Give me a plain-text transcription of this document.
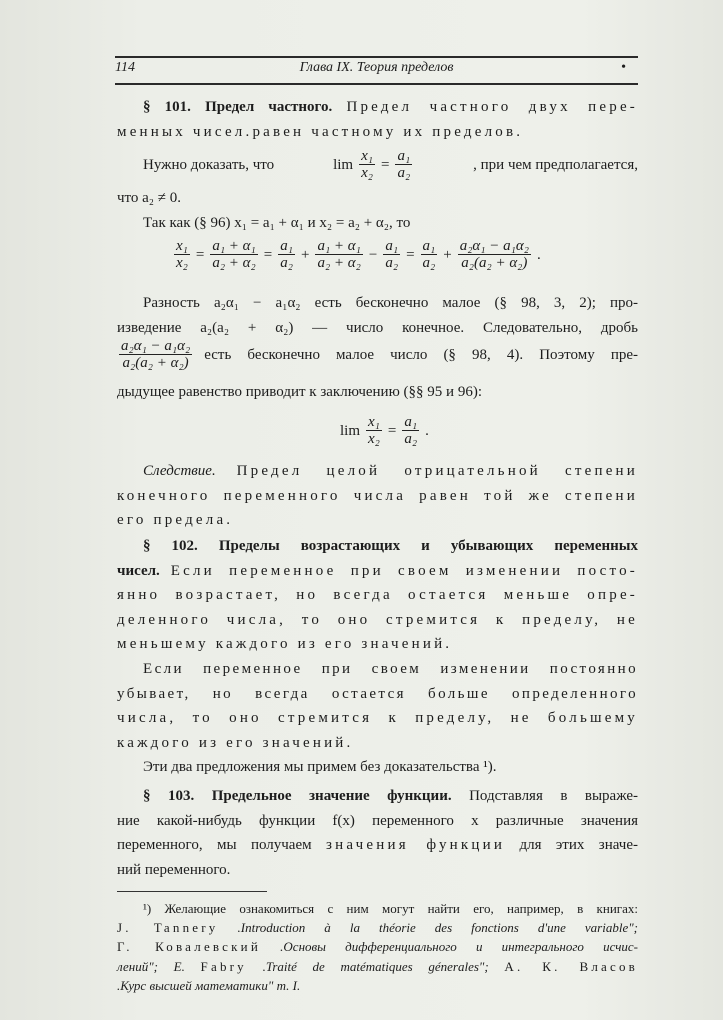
114	Глава IX. Теория пределов	•
§ 101. Предел частного. Предел частного двух пере-
менных чисел.равен частному их пределов.
Нужно доказать, что	$\lim \frac{\text{x₁}}{\text{x₂}} = \frac{\text{a₁}}{\text{a₂}}$	, при чем предполагается,
что a₂ ≠ 0.
Так как (§ 96) x₁ = a₁ + α₁ и x₂ = a₂ + α₂, то
$\frac{\text{x₁}}{\text{x₂}} = \frac{\text{a₁ + α₁}}{\text{a₂ + α₂}} = \frac{\text{a₁}}{\text{a₂}} + \frac{\text{a₁ + α₁}}{\text{a₂ + α₂}} - \frac{\text{a₁}}{\text{a₂}} = \frac{\text{a₁}}{\text{a₂}} + \frac{\text{a₂α₁ − a₁α₂}}{\text{a₂(a₂ + α₂)}}$ .
Разность a₂α₁ − a₁α₂ есть бесконечно малое (§ 98, 3, 2); про-
изведение a₂(a₂ + α₂) — число конечное. Следовательно, дробь
$\frac{\text{a₂α₁ − a₁α₂}}{\text{a₂(a₂ + α₂)}}$ есть бесконечно малое число (§ 98, 4). Поэтому пре-
дыдущее равенство приводит к заключению (§§ 95 и 96):
$\lim \frac{\text{x₁}}{\text{x₂}} = \frac{\text{a₁}}{\text{a₂}}$ .
Следствие. Предел целой отрицательной степени
конечного переменного числа равен той же степени
его предела.
§ 102. Пределы возрастающих и убывающих переменных
чисел. Если переменное при своем изменении посто-
янно возрастает, но всегда остается меньше опре-
деленного числа, то оно стремится к пределу, не
меньшему каждого из его значений.
Если переменное при своем изменении постоянно
убывает, но всегда остается больше определенного
числа, то оно стремится к пределу, не большему
каждого из его значений.
Эти два предложения мы примем без доказательства ¹).
§ 103. Предельное значение функции. Подставляя в выраже-
ние какой-нибудь функции f(x) переменного x различные значения
переменного, мы получаем значения функции для этих значе-
ний переменного.
¹) Желающие ознакомиться с ним могут найти его, например, в книгах:
J. Tannery .Introduction à la théorie des fonctions d'une variable";
Г. Ковалевский .Основы дифференциального и интегрального исчис-
лений"; E. Fabry .Traité de matématiques génerales"; А. К. Власов
.Курс высшей математики" т. I.
